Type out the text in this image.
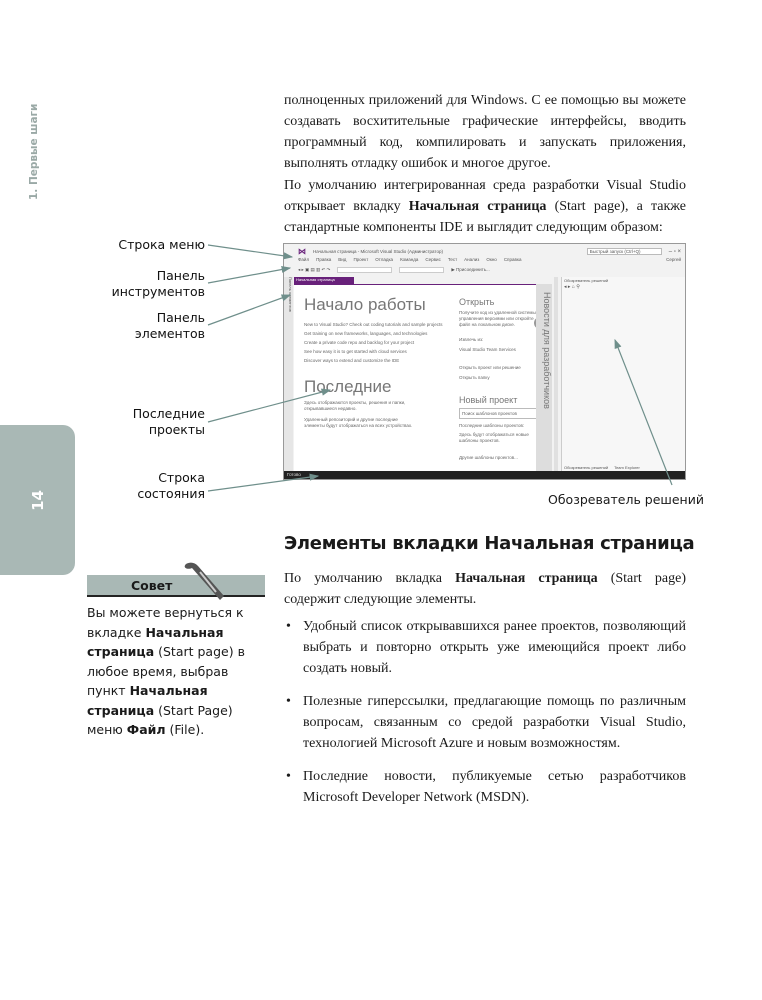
1. Первые шаги
14

полноценных приложений для Windows. С ее помощью вы можете создавать восхитительные графические интерфейсы, вводить программный код, компилировать и запускать приложения, выполнять отладку ошибок и многое другое.

По умолчанию интегрированная среда разработки Visual Studio открывает вкладку Начальная страница (Start page), а также стандартные компоненты IDE и выглядит следующим образом:

Строка меню
Панель инструментов
Панель элементов
Последние проекты
Строка состояния	Обозреватель решений
⋈ Начальная страница - Microsoft Visual Studio (Администратор)	Быстрый запуск (Ctrl+Q)	– ▫ ×
Файл Правка Вид Проект Отладка Команда Сервис Тест Анализ Окно Справка	Сергей
◂ ▸ ▣ ▤ ▥ ↶ ↷	▶ Присоединить...
Панель элементов Начальная страница
Начало работы
New to Visual Studio? Check out coding tutorials and sample projects
Get training on new frameworks, languages, and technologies
Create a private code repo and backlog for your project
See how easy it is to get started with cloud services
Discover ways to extend and customize the IDE
Последние
Здесь отображаются проекты, решения и папки, открывавшиеся недавно.
Удаленный репозиторий и другие последние элементы будут отображаться на всех устройствах.
Открыть
Получите код из удаленной системы управления версиями или откройте файл на локальном диске.
Извлечь из:
Visual Studio Team Services
Открыть проект или решение
Открыть папку
Новый проект
Поиск шаблонов проектов
Последние шаблоны проектов:
Здесь будут отображаться новые шаблоны проектов.
Другие шаблоны проектов...
Новости для разработчиков
Обозреватель решений
◂ ▸ ⌂ ⚲
Обозреватель решений Team Explorer
Готово
Элементы вкладки Начальная страница

По умолчанию вкладка Начальная страница (Start page) содержит следующие элементы.

• Удобный список открывавшихся ранее проектов, позволяющий выбрать и повторно открыть уже имеющийся проект либо создать новый.
• Полезные гиперссылки, предлагающие помощь по различным вопросам, связанным со средой разработки Visual Studio, технологией Microsoft Azure и новым возможностям.
• Последние новости, публикуемые сетью разработчиков Microsoft Developer Network (MSDN).
Совет
Вы можете вернуться к вкладке Начальная страница (Start page) в любое время, выбрав пункт Начальная страница (Start Page) меню Файл (File).
